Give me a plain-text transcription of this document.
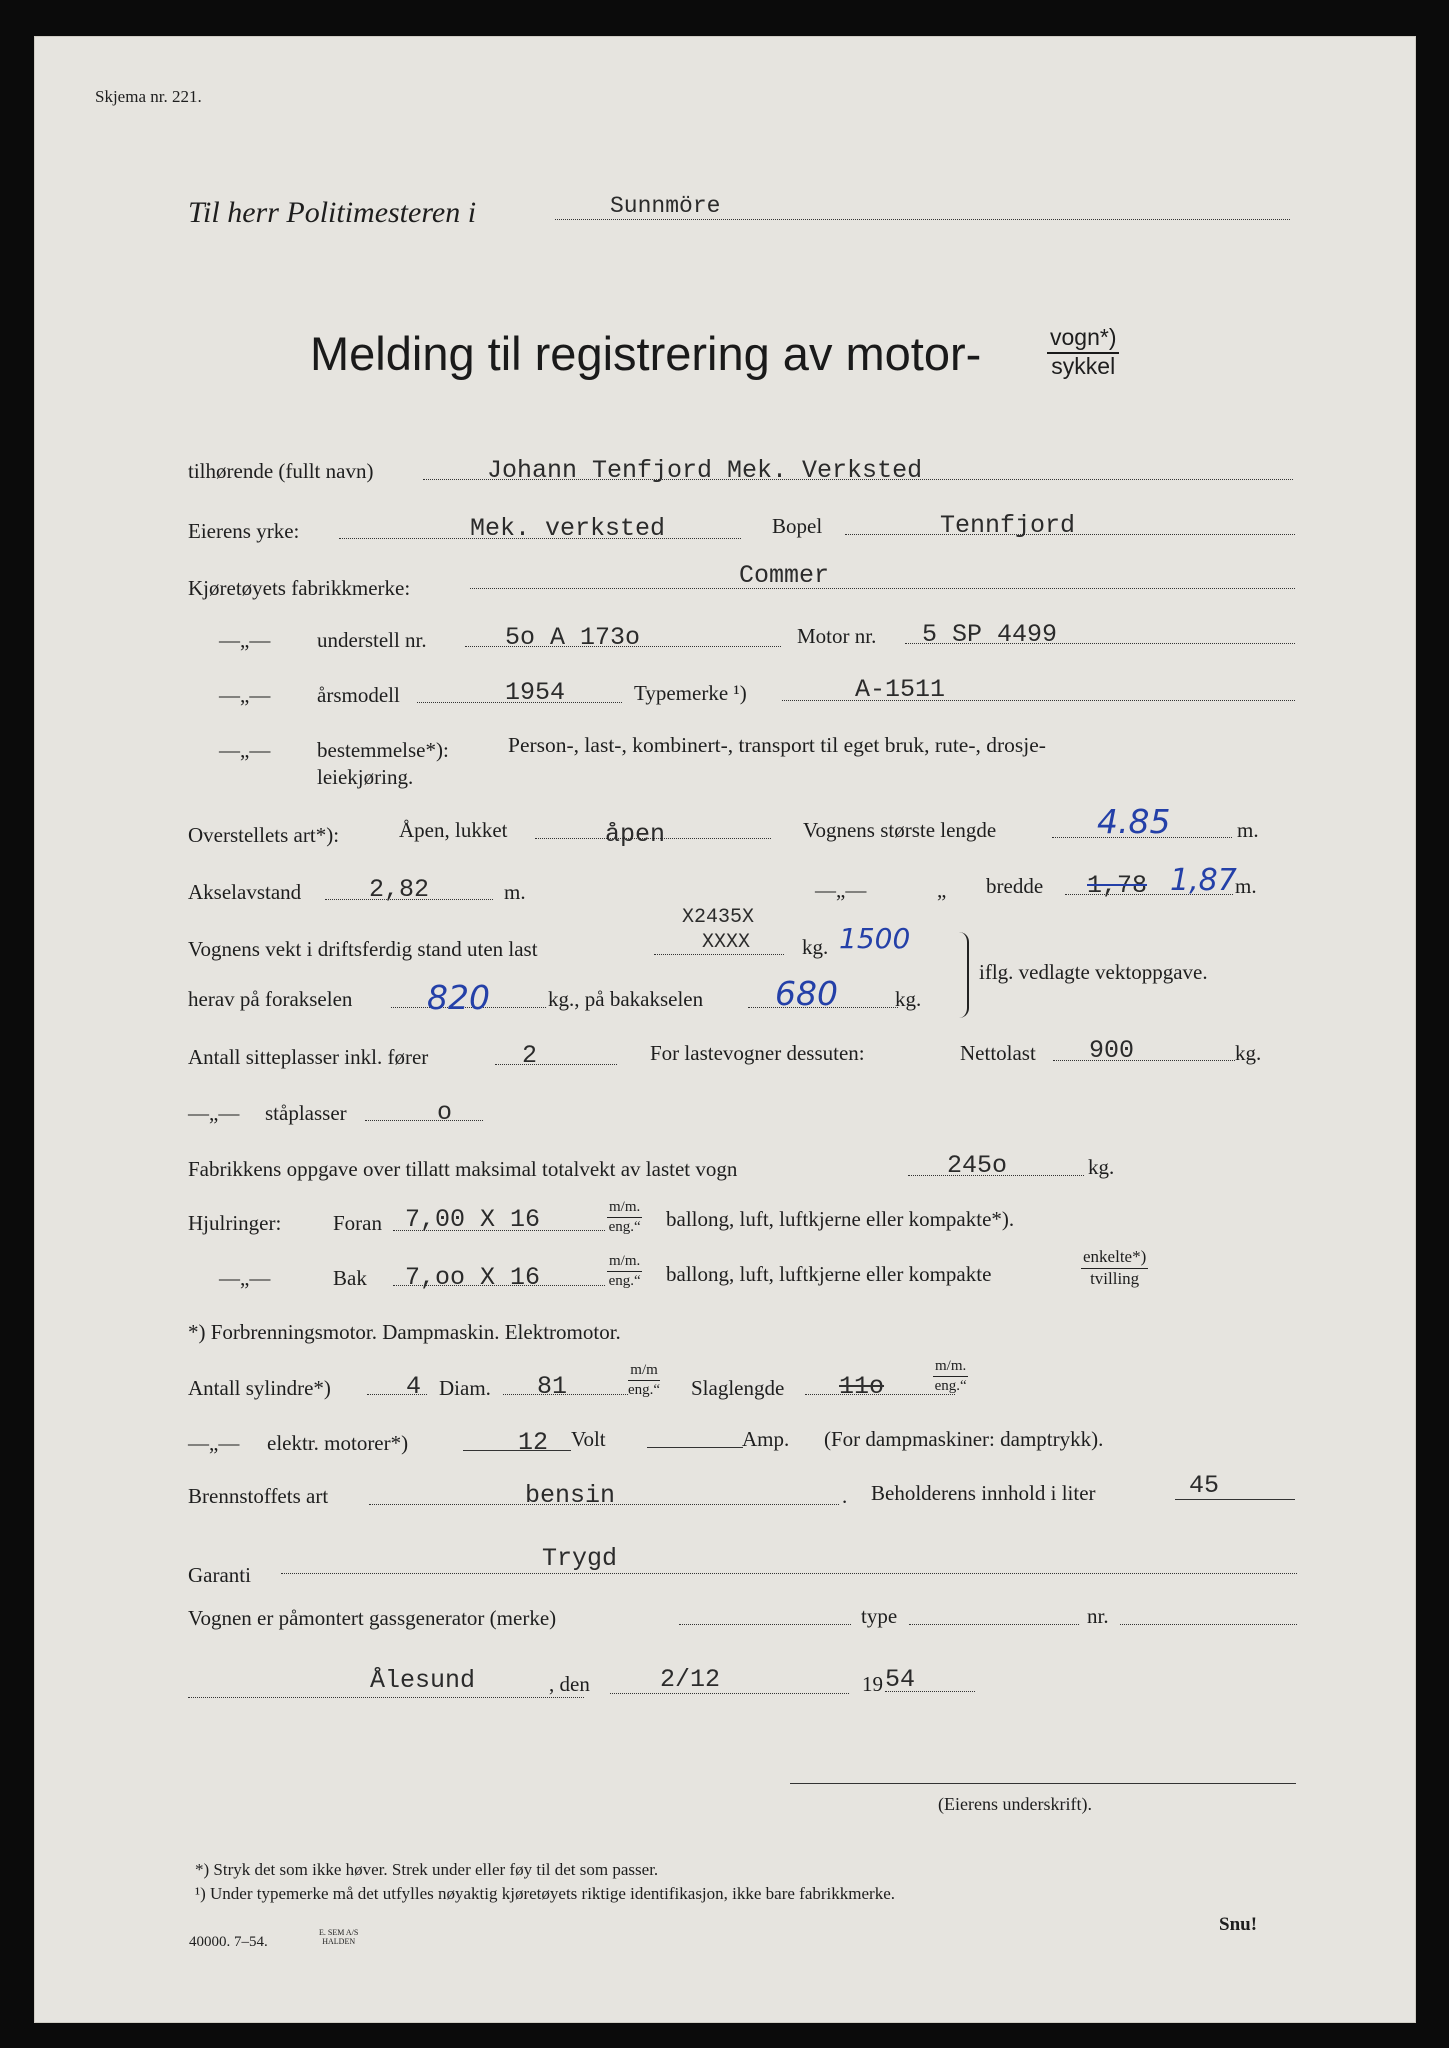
Skjema nr. 221.
Til herr Politimesteren i	Sunnmöre
Melding til registrering av motor-	vogn*)
sykkel
tilhørende (fullt navn)	Johann Tenfjord Mek. Verksted
Eierens yrke:	Mek. verksted	Bopel	Tennfjord
Kjøretøyets fabrikkmerke:	Commer
—„— understell nr.	5o A 173o	Motor nr. 5 SP 4499
—„— årsmodell	1954	Typemerke ¹)	A-1511
—„— bestemmelse*):	Person-, last-, kombinert-, transport til eget bruk, rute-, drosje-
leiekjøring.
Overstellets art*):	Åpen, lukket	åpen	Vognens største lengde	4.85	m.
Akselavstand	2,82	m.	—„—	„ bredde 1,78 1,87
m.
Vognens vekt i driftsferdig stand uten last
X2435X
XXXX kg. 1500
herav på forakselen 820	kg., på bakakselen 680	kg.
iflg. vedlagte vektoppgave.
Antall sitteplasser inkl. fører	2	For lastevogner dessuten:	Nettolast 900	kg.
—„— ståplasser	o
Fabrikkens oppgave over tillatt maksimal totalvekt av lastet vogn	245o	kg.
Hjulringer: Foran 7,00 X 16	m/m.
eng.“ ballong, luft, luftkjerne eller kompakte*).
—„—	Bak 7,oo X 16
m/m.
eng.“ ballong, luft, luftkjerne eller kompakte
enkelte*)
tvilling
*) Forbrenningsmotor. Dampmaskin. Elektromotor.
Antall sylindre*)	4 Diam. 81
m/m
eng.“ Slaglengde 11o
m/m.
eng.“
—„— elektr. motorer*)	12 Volt	Amp. (For dampmaskiner: damptrykk).
Brennstoffets art	bensin	. Beholderens innhold i liter	45
Garanti
Trygd
Vognen er påmontert gassgenerator (merke)	type	nr.
Ålesund	, den	2/12	19 54
(Eierens underskrift).
*) Stryk det som ikke høver. Strek under eller føy til det som passer.
¹) Under typemerke må det utfylles nøyaktig kjøretøyets riktige identifikasjon, ikke bare fabrikkmerke.
40000. 7–54.
E. SEM A/S
HALDEN
Snu!
